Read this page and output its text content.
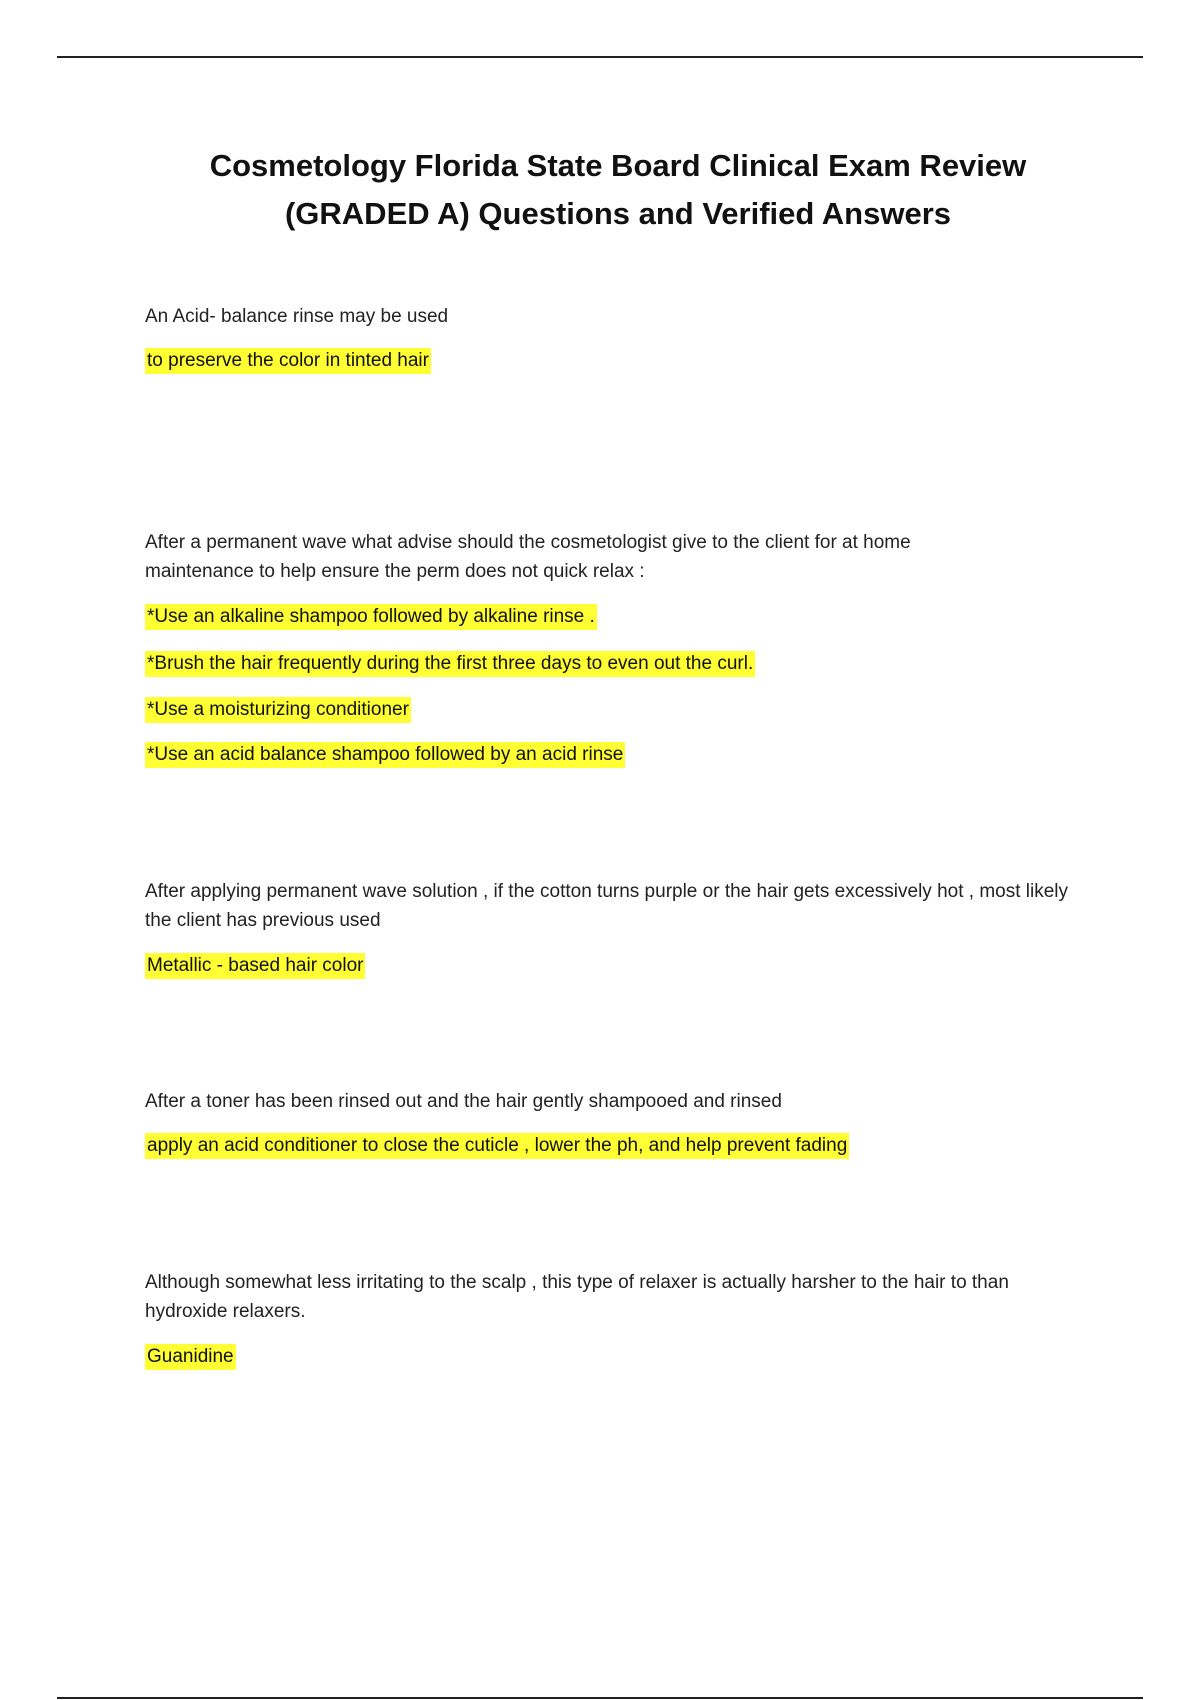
Cosmetology Florida State Board Clinical Exam Review
(GRADED A) Questions and Verified Answers

An Acid- balance rinse may be used

to preserve the color in tinted hair

After a permanent wave what advise should the cosmetologist give to the client for at home maintenance to help ensure the perm does not quick relax :

*Use an alkaline shampoo followed by alkaline rinse .
*Brush the hair frequently during the first three days to even out the curl.
*Use a moisturizing conditioner
*Use an acid balance shampoo followed by an acid rinse

After applying permanent wave solution , if the cotton turns purple or the hair gets excessively hot , most likely the client has previous used

Metallic - based hair color

After a toner has been rinsed out and the hair gently shampooed and rinsed

apply an acid conditioner to close the cuticle , lower the ph, and help prevent fading

Although somewhat less irritating to the scalp , this type of relaxer is actually harsher to the hair to than hydroxide relaxers.

Guanidine
